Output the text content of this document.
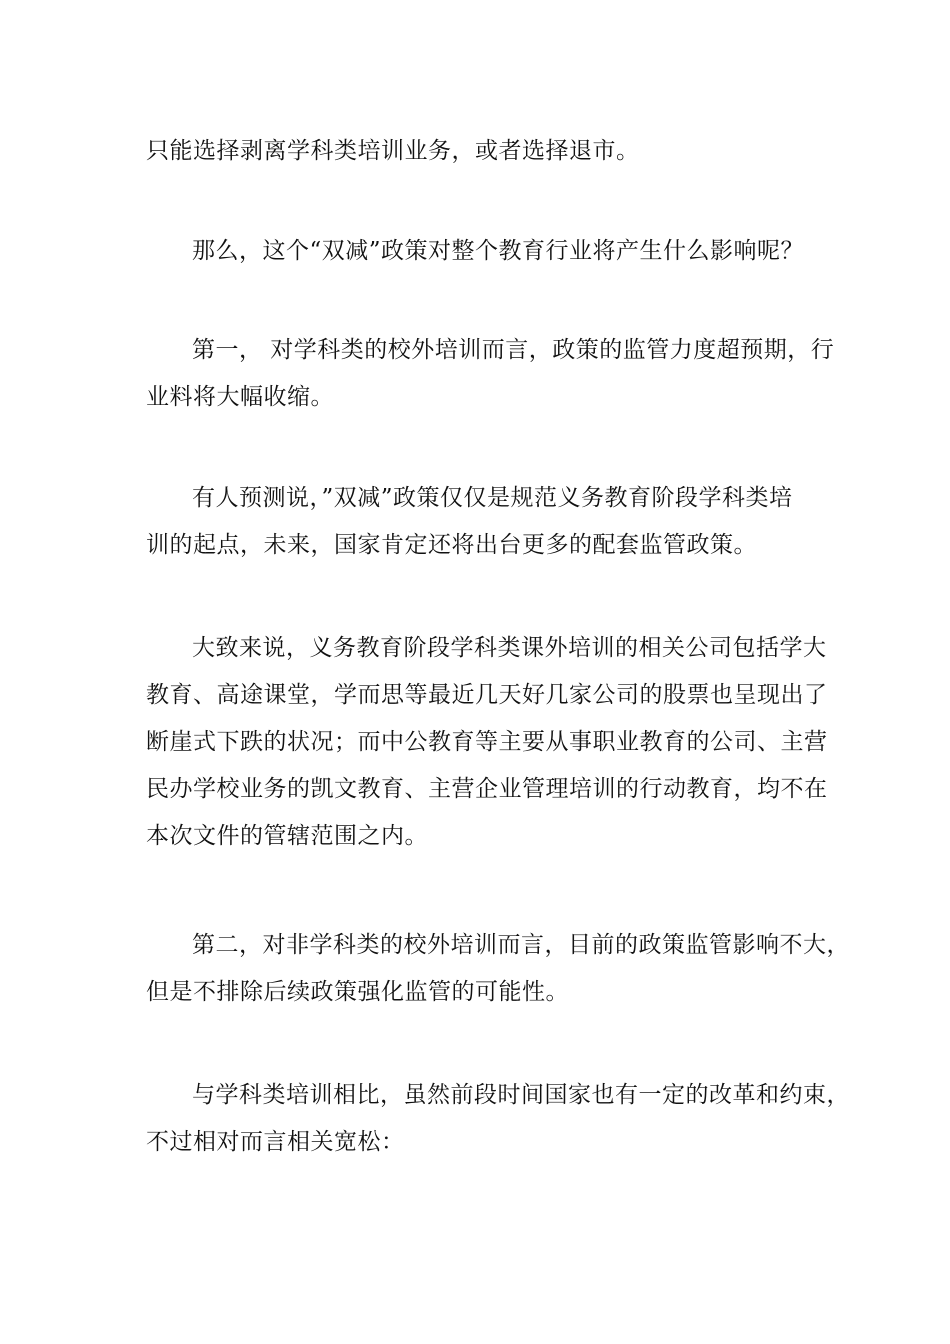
只能选择剥离学科类培训业务，或者选择退市。

那么，这个“双减”政策对整个教育行业将产生什么影响呢？

第一， 对学科类的校外培训而言，政策的监管力度超预期，行
业料将大幅收缩。

有人预测说，”双减”政策仅仅是规范义务教育阶段学科类培
训的起点，未来，国家肯定还将出台更多的配套监管政策。

大致来说，义务教育阶段学科类课外培训的相关公司包括学大
教育、高途课堂，学而思等最近几天好几家公司的股票也呈现出了
断崖式下跌的状况；而中公教育等主要从事职业教育的公司、主营
民办学校业务的凯文教育、主营企业管理培训的行动教育，均不在
本次文件的管辖范围之内。

第二，对非学科类的校外培训而言，目前的政策监管影响不大，
但是不排除后续政策强化监管的可能性。

与学科类培训相比，虽然前段时间国家也有一定的改革和约束，
不过相对而言相关宽松：
